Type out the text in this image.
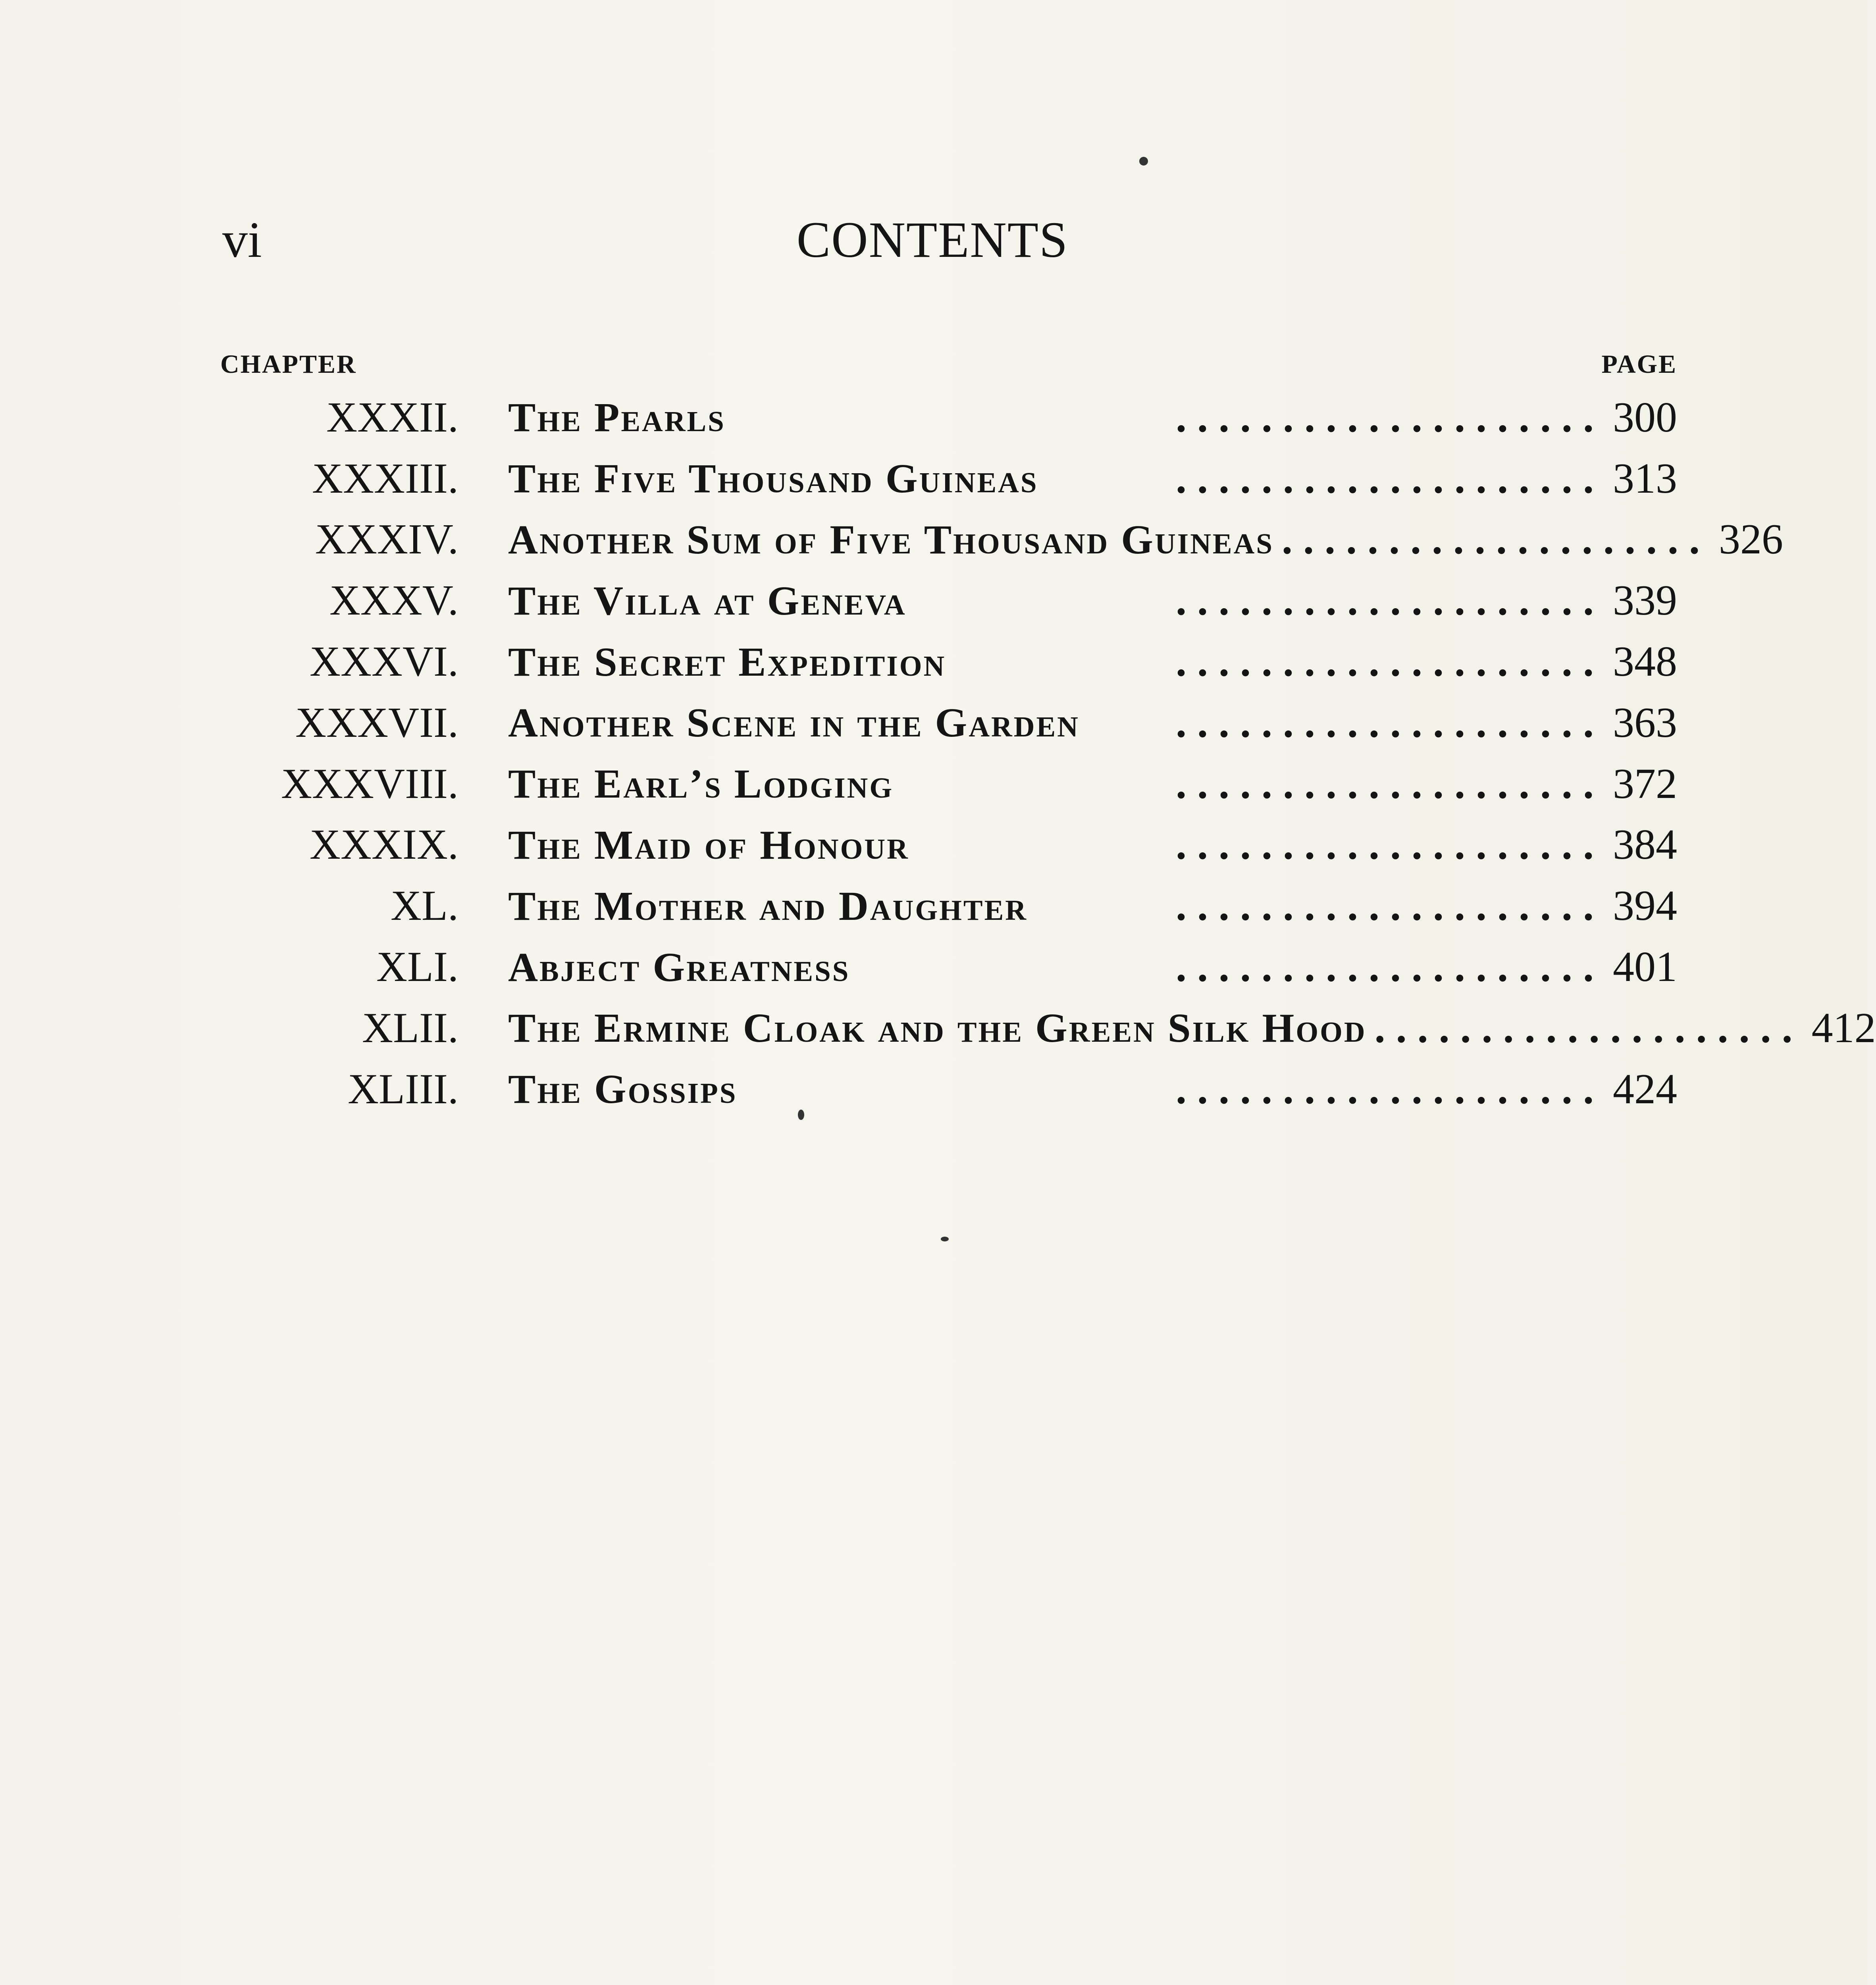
vi	CONTENTS
CHAPTER	PAGE
XXXII. The Pearls	. . . . . . . . . . . . . . . . . . . . 300
XXXIII. The Five Thousand Guineas	. . . . . . . . . . . . . . . . . . . . 313
XXXIV. Another Sum of Five Thousand Guineas . . . . . . . . . . . . . . . . . . . . 326
XXXV. The Villa at Geneva	. . . . . . . . . . . . . . . . . . . . 339
XXXVI. The Secret Expedition	. . . . . . . . . . . . . . . . . . . . 348
XXXVII. Another Scene in the Garden	. . . . . . . . . . . . . . . . . . . . 363
XXXVIII. The Earl’s Lodging	. . . . . . . . . . . . . . . . . . . . 372
XXXIX. The Maid of Honour	. . . . . . . . . . . . . . . . . . . . 384
XL. The Mother and Daughter	. . . . . . . . . . . . . . . . . . . . 394
XLI. Abject Greatness	. . . . . . . . . . . . . . . . . . . . 401
XLII. The Ermine Cloak and the Green Silk Hood . . . . . . . . . . . . . . . . . . . . 412
XLIII. The Gossips	. . . . . . . . . . . . . . . . . . . . 424
